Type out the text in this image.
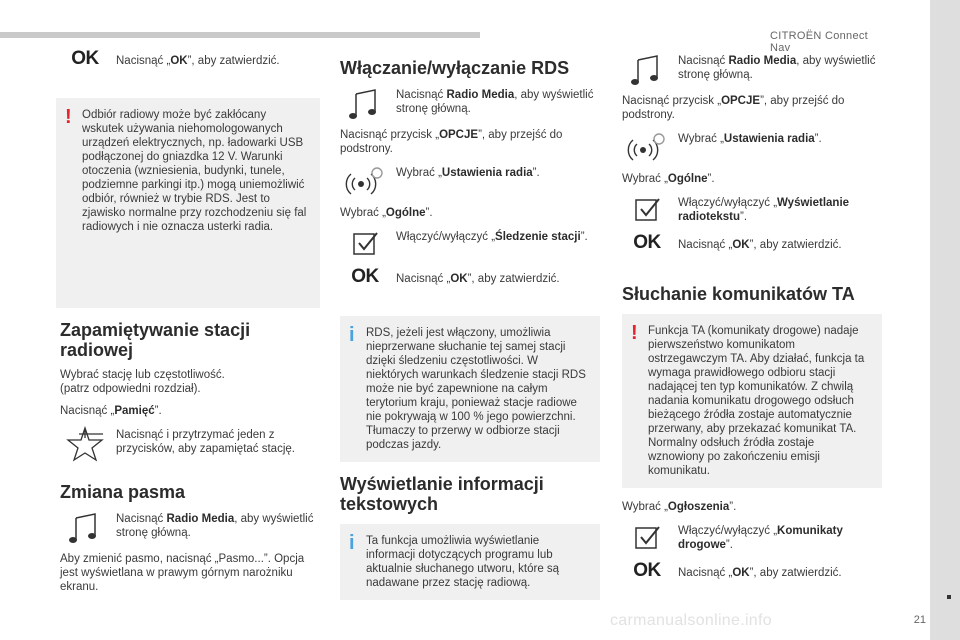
CITROËN Connect Nav
21
carmanualsonline.info
OK Nacisnąć „OK”, aby zatwierdzić.
! Odbiór radiowy może być zakłócany wskutek używania niehomologowanych urządzeń elektrycznych, np. ładowarki USB podłączonej do gniazdka 12 V. Warunki otoczenia (wzniesienia, budynki, tunele, podziemne parkingi itp.) mogą uniemożliwić odbiór, również w trybie RDS. Jest to zjawisko normalne przy rozchodzeniu się fal radiowych i nie oznacza usterki radia.
Zapamiętywanie stacji radiowej

Wybrać stację lub częstotliwość.
(patrz odpowiedni rozdział).

Nacisnąć „Pamięć”.

Nacisnąć i przytrzymać jeden z przycisków, aby zapamiętać stację.
Zmiana pasma
Nacisnąć Radio Media, aby wyświetlić stronę główną.

Aby zmienić pasmo, nacisnąć „Pasmo...”. Opcja jest wyświetlana w prawym górnym narożniku ekranu.

Włączanie/wyłączanie RDS
Nacisnąć Radio Media, aby wyświetlić stronę główną.

Nacisnąć przycisk „OPCJE”, aby przejść do podstrony.

Wybrać „Ustawienia radia”.

Wybrać „Ogólne”.

Włączyć/wyłączyć „Śledzenie stacji”.
OK Nacisnąć „OK”, aby zatwierdzić.
i RDS, jeżeli jest włączony, umożliwia nieprzerwane słuchanie tej samej stacji dzięki śledzeniu częstotliwości. W niektórych warunkach śledzenie stacji RDS może nie być zapewnione na całym terytorium kraju, ponieważ stacje radiowe nie pokrywają w 100 % jego powierzchni. Tłumaczy to przerwy w odbiorze stacji podczas jazdy.
Wyświetlanie informacji tekstowych
i Ta funkcja umożliwia wyświetlanie informacji dotyczących programu lub aktualnie słuchanego utworu, które są nadawane przez stację radiową.
Nacisnąć Radio Media, aby wyświetlić stronę główną.

Nacisnąć przycisk „OPCJE”, aby przejść do podstrony.

Wybrać „Ustawienia radia”.

Wybrać „Ogólne”.

Włączyć/wyłączyć „Wyświetlanie radiotekstu”.
OK Nacisnąć „OK”, aby zatwierdzić.
Słuchanie komunikatów TA
! Funkcja TA (komunikaty drogowe) nadaje pierwszeństwo komunikatom ostrzegawczym TA. Aby działać, funkcja ta wymaga prawidłowego odbioru stacji nadającej ten typ komunikatów. Z chwilą nadania komunikatu drogowego odsłuch bieżącego źródła zostaje automatycznie przerwany, aby przekazać komunikat TA. Normalny odsłuch źródła zostaje wznowiony po zakończeniu emisji komunikatu.

Wybrać „Ogłoszenia”.

Włączyć/wyłączyć „Komunikaty drogowe”.
OK Nacisnąć „OK”, aby zatwierdzić.
